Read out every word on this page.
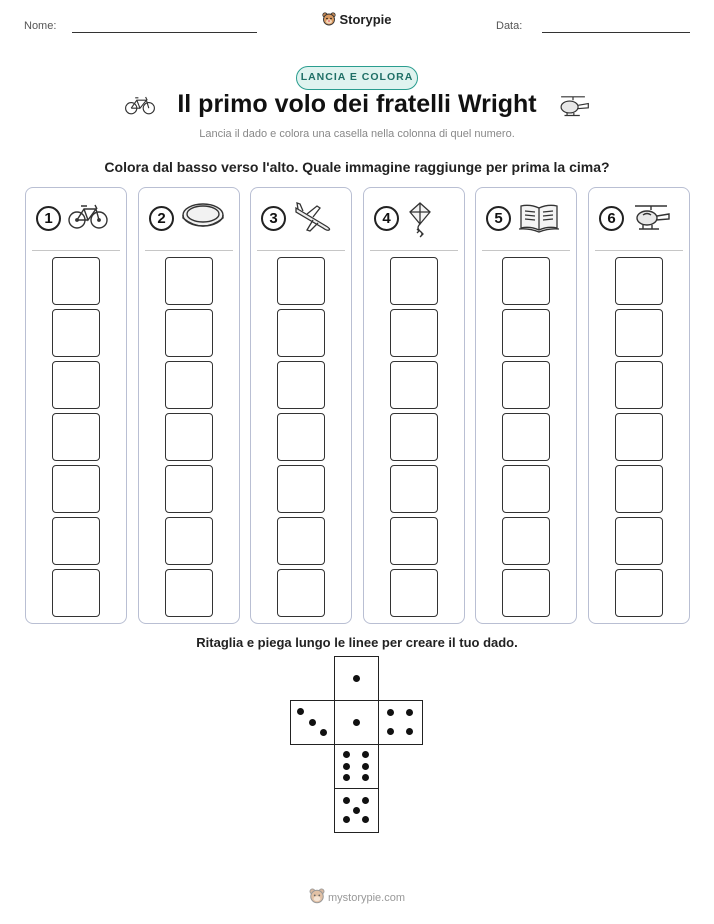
Nome:	Storypie	Data:
LANCIA E COLORA
Il primo volo dei fratelli Wright
Lancia il dado e colora una casella nella colonna di quel numero.
Colora dal basso verso l'alto. Quale immagine raggiunge per prima la cima?
1	2	3	4	5	6
Ritaglia e piega lungo le linee per creare il tuo dado.
mystorypie.com
